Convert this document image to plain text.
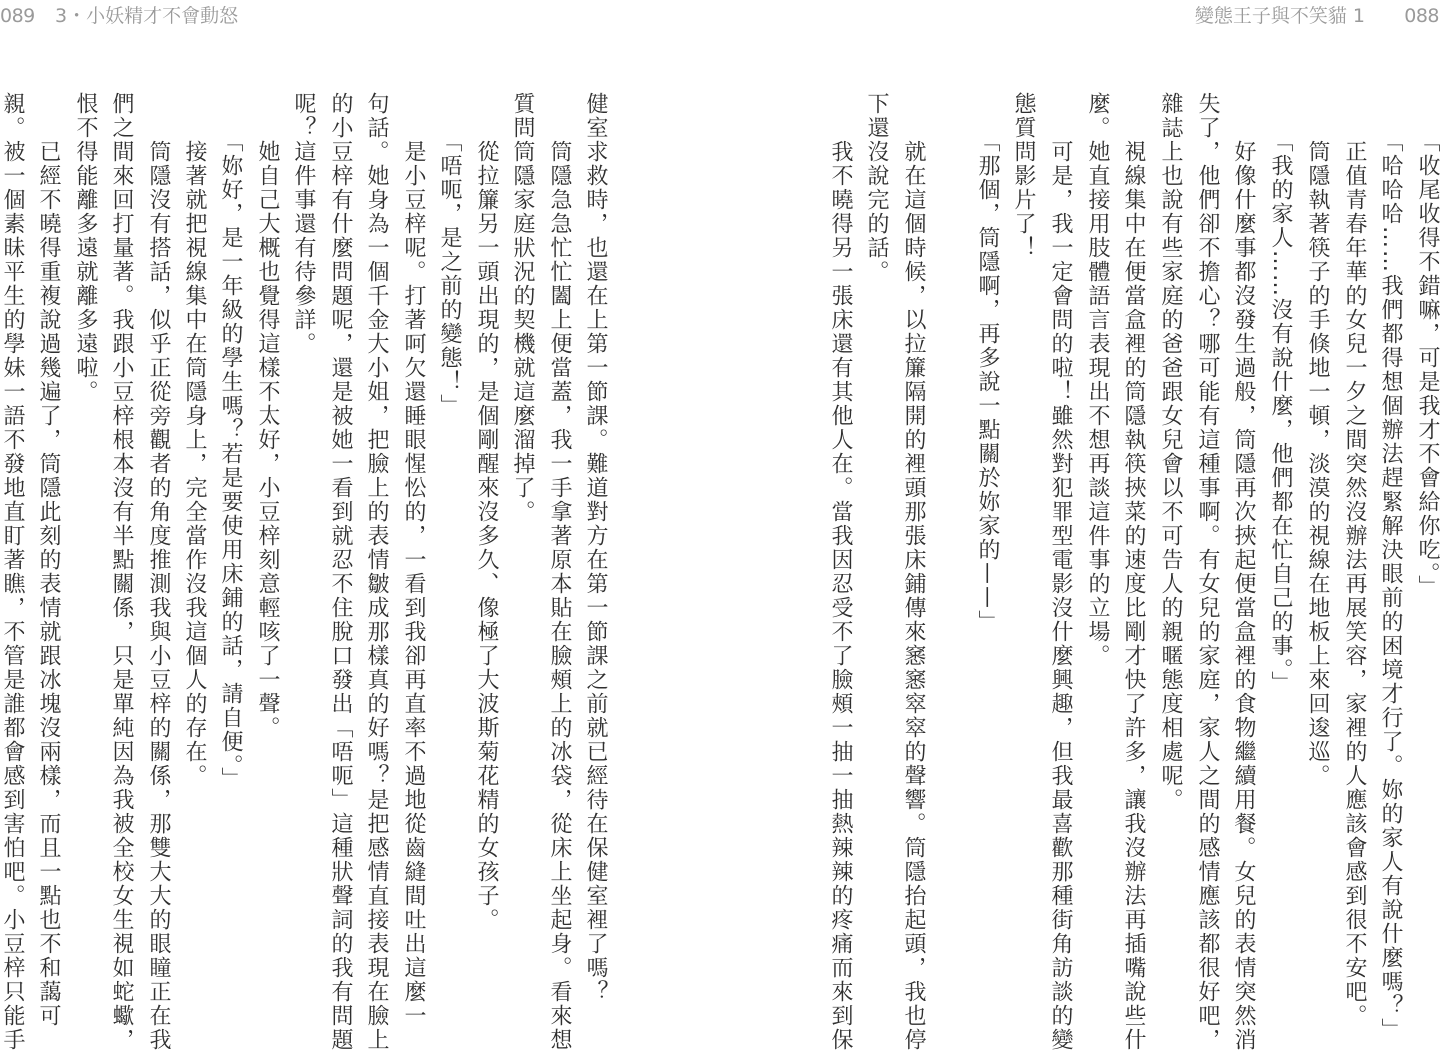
089 3・小妖精才不會動怒
健室求救時，也還在上第一節課。難道對方在第一節課之前就已經待在保健室裡了嗎？
筒隱急急忙忙闔上便當蓋，我一手拿著原本貼在臉頰上的冰袋，從床上坐起身。看來想
質問筒隱家庭狀況的契機就這麼溜掉了。
從拉簾另一頭出現的，是個剛醒來沒多久、像極了大波斯菊花精的女孩子。
「唔呃，是之前的變態！」
是小豆梓呢。打著呵欠還睡眼惺忪的，一看到我卻再直率不過地從齒縫間吐出這麼一
句話。她身為一個千金大小姐，把臉上的表情皺成那樣真的好嗎？是把感情直接表現在臉上
的小豆梓有什麼問題呢，還是被她一看到就忍不住脫口發出「唔呃」這種狀聲詞的我有問題
呢？這件事還有待參詳。
她自己大概也覺得這樣不太好，小豆梓刻意輕咳了一聲。
「妳好，是一年級的學生嗎？若是要使用床鋪的話，請自便。」
接著就把視線集中在筒隱身上，完全當作沒我這個人的存在。
筒隱沒有搭話，似乎正從旁觀者的角度推測我與小豆梓的關係，那雙大大的眼瞳正在我
們之間來回打量著。我跟小豆梓根本沒有半點關係，只是單純因為我被全校女生視如蛇蠍，
恨不得能離多遠就離多遠啦。
已經不曉得重複說過幾遍了，筒隱此刻的表情就跟冰塊沒兩樣，而且一點也不和藹可
親。被一個素昧平生的學妹一語不發地直盯著瞧，不管是誰都會感到害怕吧。小豆梓只能手
變態王子與不笑貓 1 088
「收尾收得不錯嘛，可是我才不會給你吃。」
「哈哈哈……我們都得想個辦法趕緊解決眼前的困境才行了。妳的家人有說什麼嗎？」
正值青春年華的女兒一夕之間突然沒辦法再展笑容，家裡的人應該會感到很不安吧。
筒隱執著筷子的手倏地一頓，淡漠的視線在地板上來回逡巡。
「我的家人……沒有說什麼，他們都在忙自己的事。」
好像什麼事都沒發生過般，筒隱再次挾起便當盒裡的食物繼續用餐。女兒的表情突然消
失了，他們卻不擔心？哪可能有這種事啊。有女兒的家庭，家人之間的感情應該都很好吧，
雜誌上也說有些家庭的爸爸跟女兒會以不可告人的親暱態度相處呢。
視線集中在便當盒裡的筒隱執筷挾菜的速度比剛才快了許多，讓我沒辦法再插嘴說些什
麼。她直接用肢體語言表現出不想再談這件事的立場。
可是，我一定會問的啦！雖然對犯罪型電影沒什麼興趣，但我最喜歡那種街角訪談的變
態質問影片了！
「那個，筒隱啊，再多說一點關於妳家的——」
就在這個時候，以拉簾隔開的裡頭那張床鋪傳來窸窸窣窣的聲響。筒隱抬起頭，我也停
下還沒說完的話。
我不曉得另一張床還有其他人在。當我因忍受不了臉頰一抽一抽熱辣辣的疼痛而來到保
